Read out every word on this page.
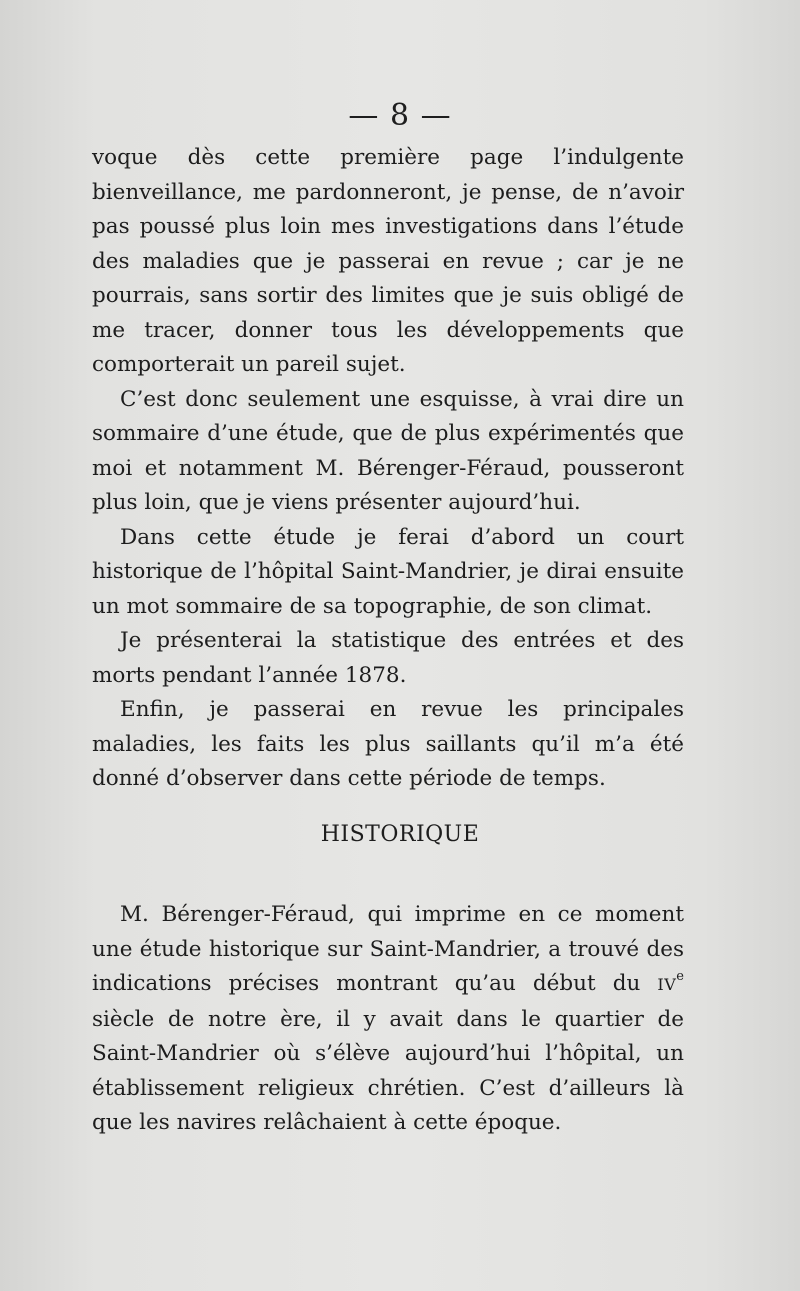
— 8 —

voque dès cette première page l’indulgente bienveillance, me pardonneront, je pense, de n’avoir pas poussé plus loin mes investigations dans l’étude des maladies que je passerai en revue ; car je ne pourrais, sans sortir des limites que je suis obligé de me tracer, donner tous les développements que comporterait un pareil sujet.

C’est donc seulement une esquisse, à vrai dire un sommaire d’une étude, que de plus expérimentés que moi et notamment M. Bérenger-Féraud, pousseront plus loin, que je viens présenter aujourd’hui.

Dans cette étude je ferai d’abord un court historique de l’hôpital Saint-Mandrier, je dirai ensuite un mot sommaire de sa topographie, de son climat.

Je présenterai la statistique des entrées et des morts pendant l’année 1878.

Enfin, je passerai en revue les principales maladies, les faits les plus saillants qu’il m’a été donné d’observer dans cette période de temps.

HISTORIQUE

M. Bérenger-Féraud, qui imprime en ce moment une étude historique sur Saint-Mandrier, a trouvé des indications précises montrant qu’au début du IVe siècle de notre ère, il y avait dans le quartier de Saint-Mandrier où s’élève aujourd’hui l’hôpital, un établissement religieux chrétien. C’est d’ailleurs là que les navires relâchaient à cette époque.
